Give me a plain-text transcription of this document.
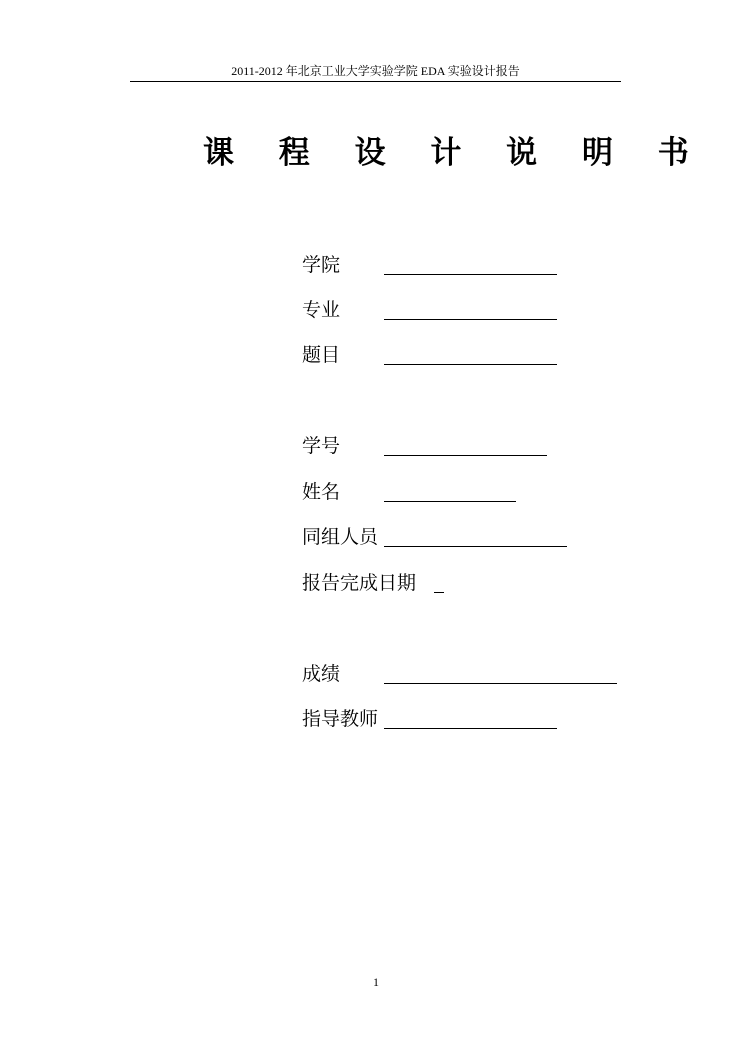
2011-2012 年北京工业大学实验学院 EDA 实验设计报告
课 程 设 计 说 明 书
学院
专业
题目
学号
姓名
同组人员
报告完成日期
成绩
指导教师
1
